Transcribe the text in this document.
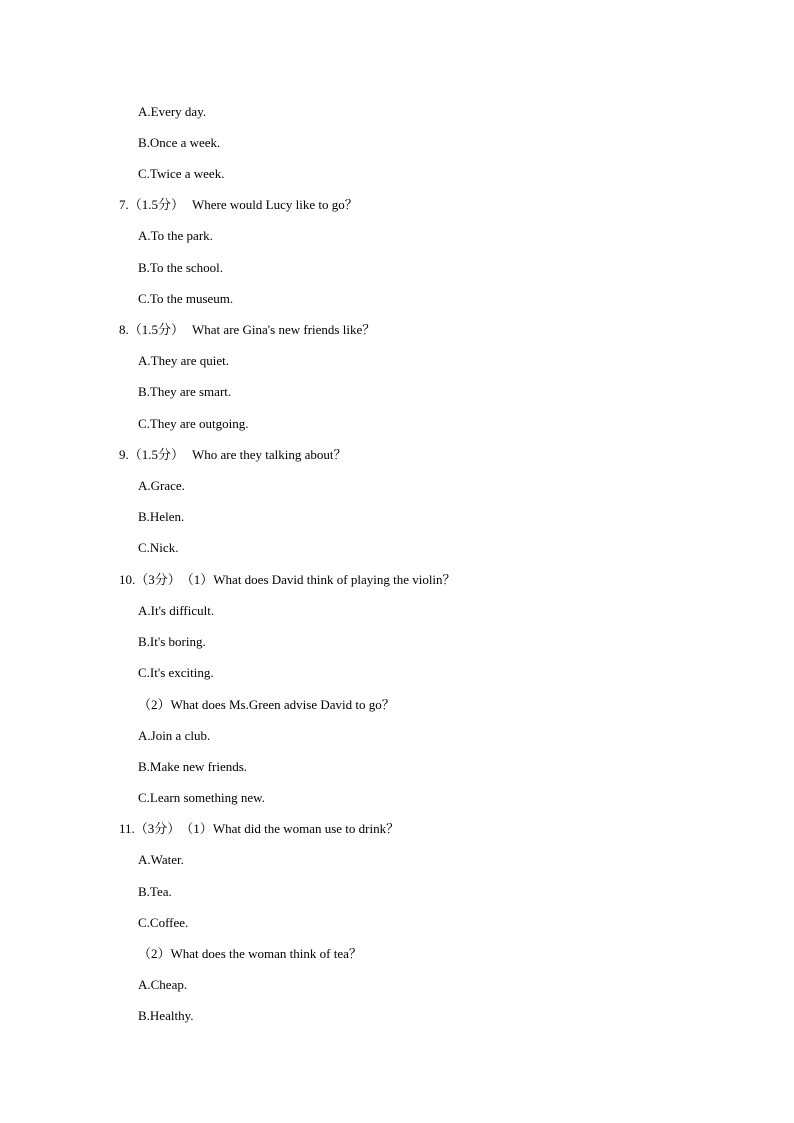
A.Every day.
B.Once a week.
C.Twice a week.
7.（1.5分） Where would Lucy like to go？
A.To the park.
B.To the school.
C.To the museum.
8.（1.5分） What are Gina's new friends like？
A.They are quiet.
B.They are smart.
C.They are outgoing.
9.（1.5分） Who are they talking about？
A.Grace.
B.Helen.
C.Nick.
10.（3分）（1）What does David think of playing the violin？
A.It's difficult.
B.It's boring.
C.It's exciting.
（2）What does Ms.Green advise David to go？
A.Join a club.
B.Make new friends.
C.Learn something new.
11.（3分）（1）What did the woman use to drink？
A.Water.
B.Tea.
C.Coffee.
（2）What does the woman think of tea？
A.Cheap.
B.Healthy.
